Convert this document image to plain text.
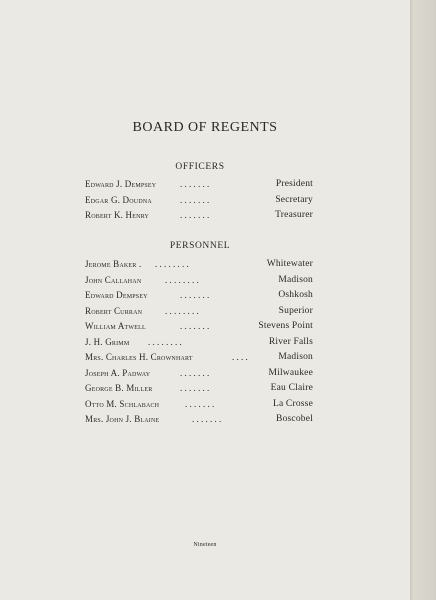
BOARD OF REGENTS
OFFICERS
Edward J. Dempsey	. . . . . . .	President
Edgar G. Doudna	. . . . . . .	Secretary
Robert K. Henry	. . . . . . .	Treasurer
PERSONNEL
Jerome Baker . . . . . . . . .	Whitewater
John Callahan	. . . . . . . .	Madison
Edward Dempsey	. . . . . . .	Oshkosh
Robert Curran	. . . . . . . .	Superior
William Atwell	. . . . . . .	Stevens Point
J. H. Grimm . . . . . . . .	River Falls
Mrs. Charles H. Crownhart	. . . .	Madison
Joseph A. Padway	. . . . . . .	Milwaukee
George B. Miller	. . . . . . .	Eau Claire
Otto M. Schlabach	. . . . . . .	La Crosse
Mrs. John J. Blaine	. . . . . . .	Boscobel
Nineteen
